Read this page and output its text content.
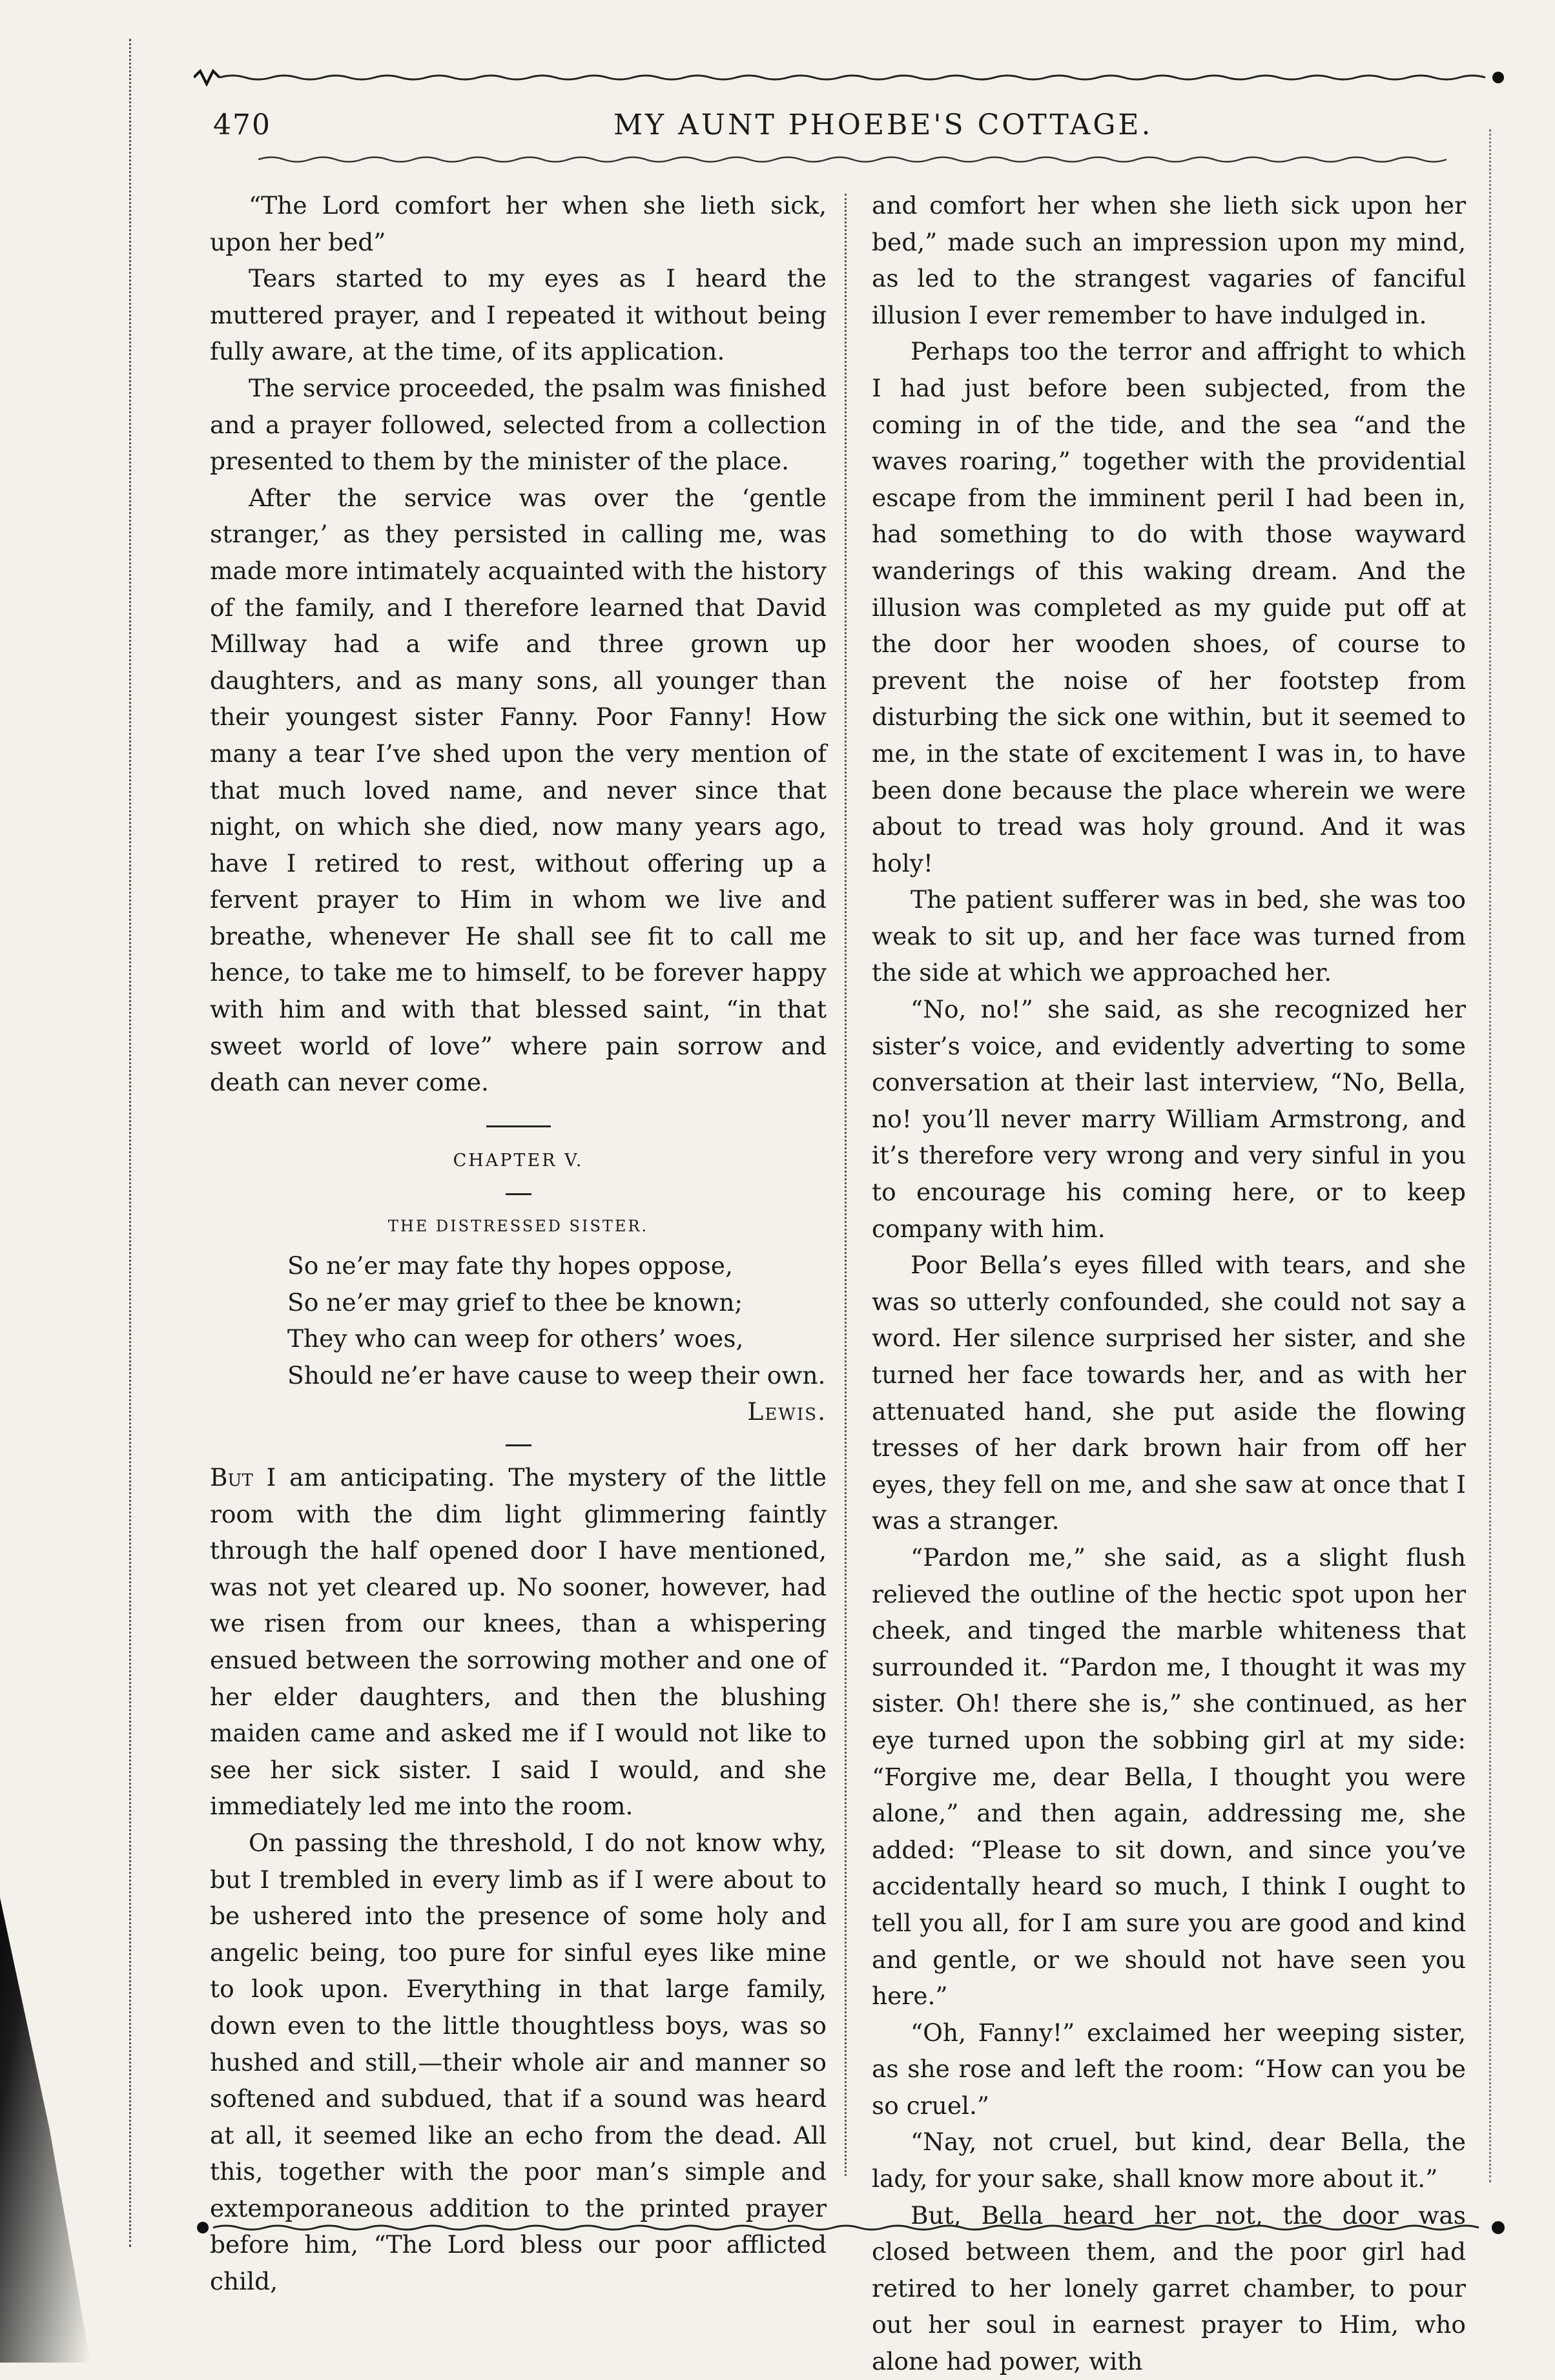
470	MY AUNT PHOEBE'S COTTAGE.

“The Lord comfort her when she lieth sick, upon her bed”

Tears started to my eyes as I heard the muttered prayer, and I repeated it without being fully aware, at the time, of its application.

The service proceeded, the psalm was finished and a prayer followed, selected from a collection presented to them by the minister of the place.

After the service was over the ‘gentle stranger,’ as they persisted in calling me, was made more intimately acquainted with the history of the family, and I therefore learned that David Millway had a wife and three grown up daughters, and as many sons, all younger than their youngest sister Fanny. Poor Fanny! How many a tear I’ve shed upon the very mention of that much loved name, and never since that night, on which she died, now many years ago, have I retired to rest, without offering up a fervent prayer to Him in whom we live and breathe, whenever He shall see fit to call me hence, to take me to himself, to be forever happy with him and with that blessed saint, “in that sweet world of love” where pain sorrow and death can never come.

CHAPTER V.
THE DISTRESSED SISTER.
So ne’er may fate thy hopes oppose,
So ne’er may grief to thee be known;
They who can weep for others’ woes,
Should ne’er have cause to weep their own.
Lewis.

But I am anticipating. The mystery of the little room with the dim light glimmering faintly through the half opened door I have mentioned, was not yet cleared up. No sooner, however, had we risen from our knees, than a whispering ensued between the sorrowing mother and one of her elder daughters, and then the blushing maiden came and asked me if I would not like to see her sick sister. I said I would, and she immediately led me into the room.

On passing the threshold, I do not know why, but I trembled in every limb as if I were about to be ushered into the presence of some holy and angelic being, too pure for sinful eyes like mine to look upon. Everything in that large family, down even to the little thoughtless boys, was so hushed and still,—their whole air and manner so softened and subdued, that if a sound was heard at all, it seemed like an echo from the dead. All this, together with the poor man’s simple and extemporaneous addition to the printed prayer before him, “The Lord bless our poor afflicted child,

and comfort her when she lieth sick upon her bed,” made such an impression upon my mind, as led to the strangest vagaries of fanciful illusion I ever remember to have indulged in.

Perhaps too the terror and affright to which I had just before been subjected, from the coming in of the tide, and the sea “and the waves roaring,” together with the providential escape from the imminent peril I had been in, had something to do with those wayward wanderings of this waking dream. And the illusion was completed as my guide put off at the door her wooden shoes, of course to prevent the noise of her footstep from disturbing the sick one within, but it seemed to me, in the state of excitement I was in, to have been done because the place wherein we were about to tread was holy ground. And it was holy!

The patient sufferer was in bed, she was too weak to sit up, and her face was turned from the side at which we approached her.

“No, no!” she said, as she recognized her sister’s voice, and evidently adverting to some conversation at their last interview, “No, Bella, no! you’ll never marry William Armstrong, and it’s therefore very wrong and very sinful in you to encourage his coming here, or to keep company with him.

Poor Bella’s eyes filled with tears, and she was so utterly confounded, she could not say a word. Her silence surprised her sister, and she turned her face towards her, and as with her attenuated hand, she put aside the flowing tresses of her dark brown hair from off her eyes, they fell on me, and she saw at once that I was a stranger.

“Pardon me,” she said, as a slight flush relieved the outline of the hectic spot upon her cheek, and tinged the marble whiteness that surrounded it. “Pardon me, I thought it was my sister. Oh! there she is,” she continued, as her eye turned upon the sobbing girl at my side: “Forgive me, dear Bella, I thought you were alone,” and then again, addressing me, she added: “Please to sit down, and since you’ve accidentally heard so much, I think I ought to tell you all, for I am sure you are good and kind and gentle, or we should not have seen you here.”

“Oh, Fanny!” exclaimed her weeping sister, as she rose and left the room: “How can you be so cruel.”

“Nay, not cruel, but kind, dear Bella, the lady, for your sake, shall know more about it.”

But, Bella heard her not, the door was closed between them, and the poor girl had retired to her lonely garret chamber, to pour out her soul in earnest prayer to Him, who alone had power, with
